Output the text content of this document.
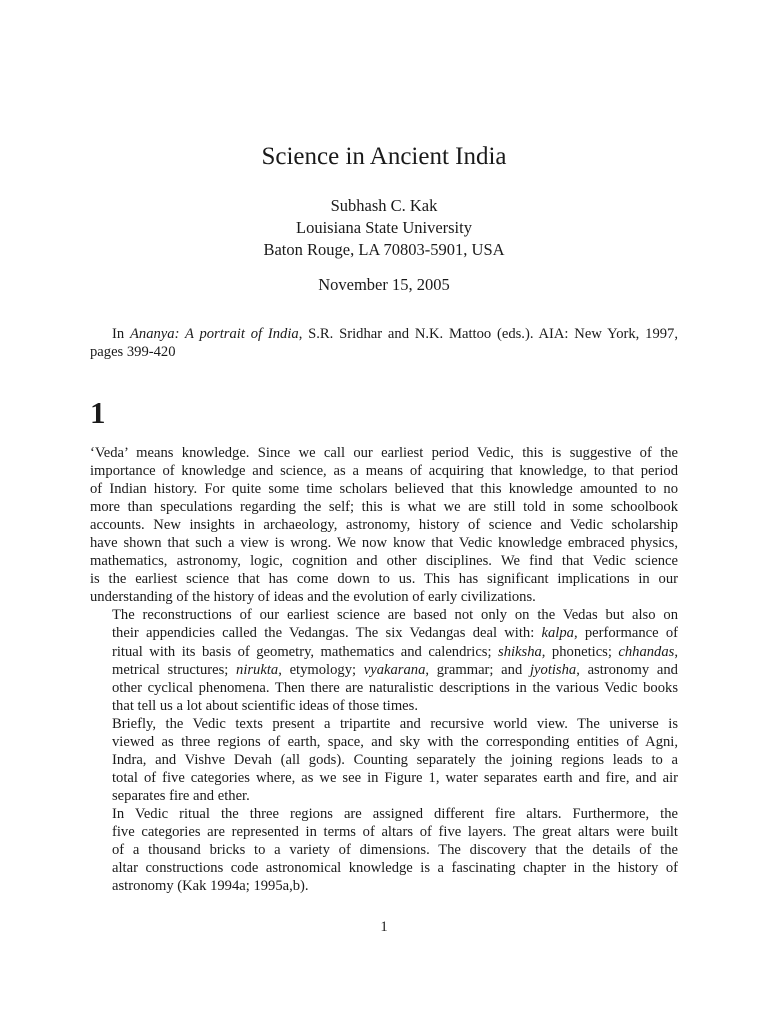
Science in Ancient India
Subhash C. Kak
Louisiana State University
Baton Rouge, LA 70803-5901, USA
November 15, 2005
In Ananya: A portrait of India, S.R. Sridhar and N.K. Mattoo (eds.). AIA: New York, 1997, pages 399-420
1
‘Veda’ means knowledge. Since we call our earliest period Vedic, this is suggestive of the
importance of knowledge and science, as a means of acquiring that knowledge, to that period
of Indian history. For quite some time scholars believed that this knowledge amounted to no
more than speculations regarding the self; this is what we are still told in some schoolbook
accounts. New insights in archaeology, astronomy, history of science and Vedic scholarship
have shown that such a view is wrong. We now know that Vedic knowledge embraced physics,
mathematics, astronomy, logic, cognition and other disciplines. We find that Vedic science
is the earliest science that has come down to us. This has significant implications in our
understanding of the history of ideas and the evolution of early civilizations.
The reconstructions of our earliest science are based not only on the Vedas but also on
their appendicies called the Vedangas. The six Vedangas deal with: kalpa, performance of
ritual with its basis of geometry, mathematics and calendrics; shiksha, phonetics; chhandas,
metrical structures; nirukta, etymology; vyakarana, grammar; and jyotisha, astronomy and
other cyclical phenomena. Then there are naturalistic descriptions in the various Vedic books
that tell us a lot about scientific ideas of those times.
Briefly, the Vedic texts present a tripartite and recursive world view. The universe is
viewed as three regions of earth, space, and sky with the corresponding entities of Agni,
Indra, and Vishve Devah (all gods). Counting separately the joining regions leads to a
total of five categories where, as we see in Figure 1, water separates earth and fire, and air
separates fire and ether.
In Vedic ritual the three regions are assigned different fire altars. Furthermore, the
five categories are represented in terms of altars of five layers. The great altars were built
of a thousand bricks to a variety of dimensions. The discovery that the details of the
altar constructions code astronomical knowledge is a fascinating chapter in the history of
astronomy (Kak 1994a; 1995a,b).
1
